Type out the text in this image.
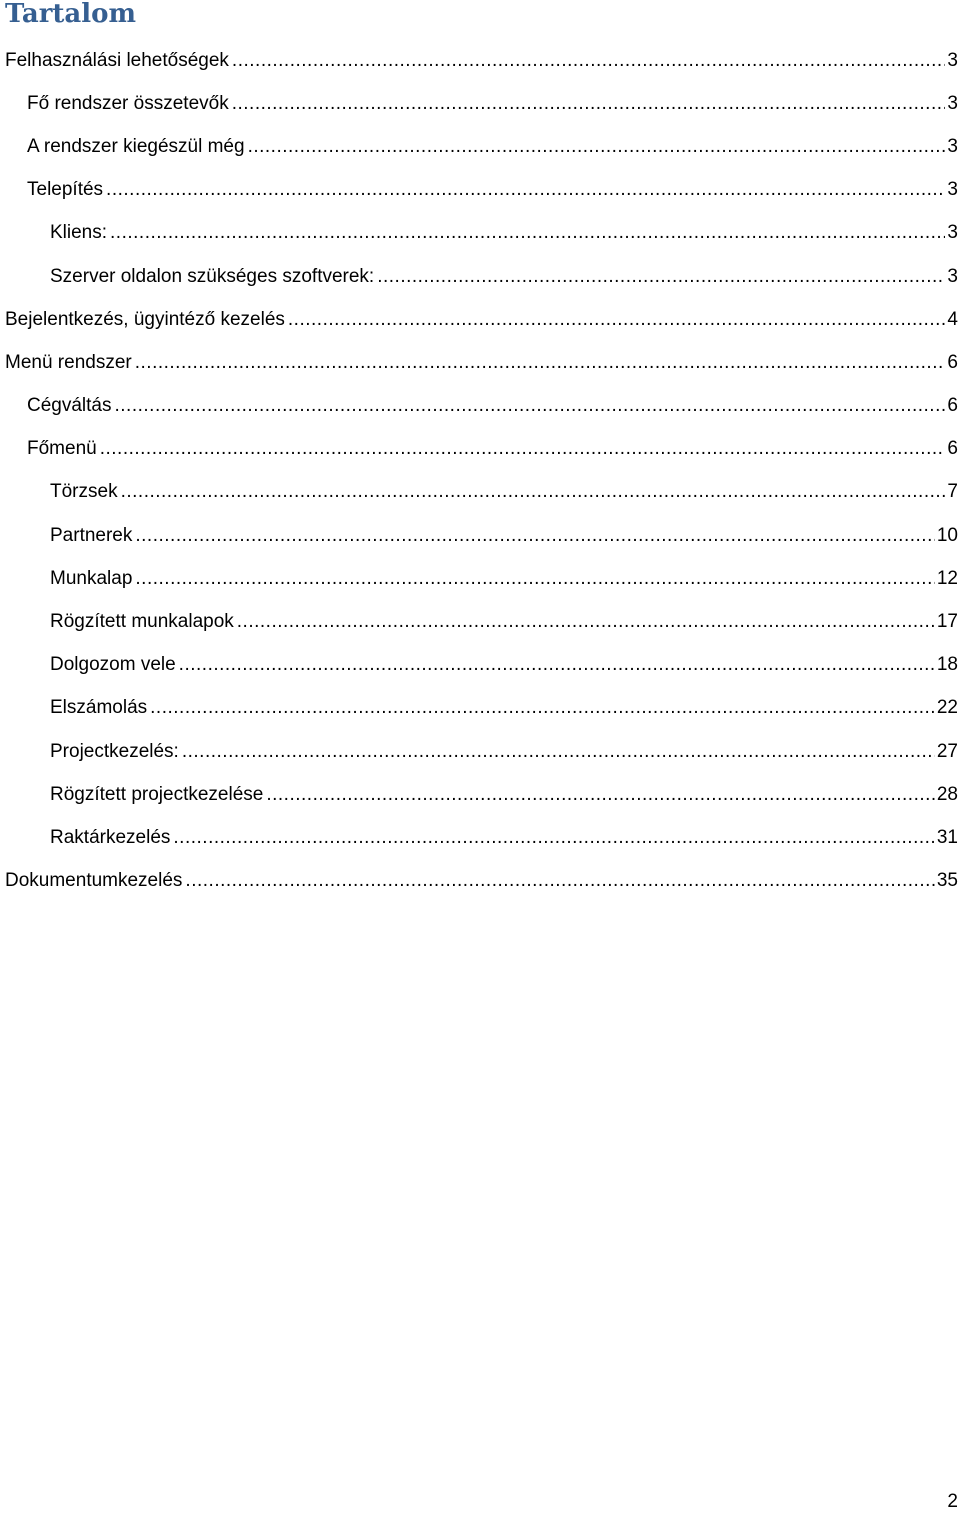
Tartalom
Felhasználási lehetőségek .....	3
Fő rendszer összetevők .....	3
A rendszer kiegészül még .....	3
Telepítés .....	3
Kliens: .....	3
Szerver oldalon szükséges szoftverek: .....	3
Bejelentkezés, ügyintéző kezelés .....	4
Menü rendszer .....	6
Cégváltás .....	6
Főmenü .....	6
Törzsek .....	7
Partnerek .....	10
Munkalap .....	12
Rögzített munkalapok .....	17
Dolgozom vele .....	18
Elszámolás .....	22
Projectkezelés: .....	27
Rögzített projectkezelése .....	28
Raktárkezelés .....	31
Dokumentumkezelés .....	35
2
